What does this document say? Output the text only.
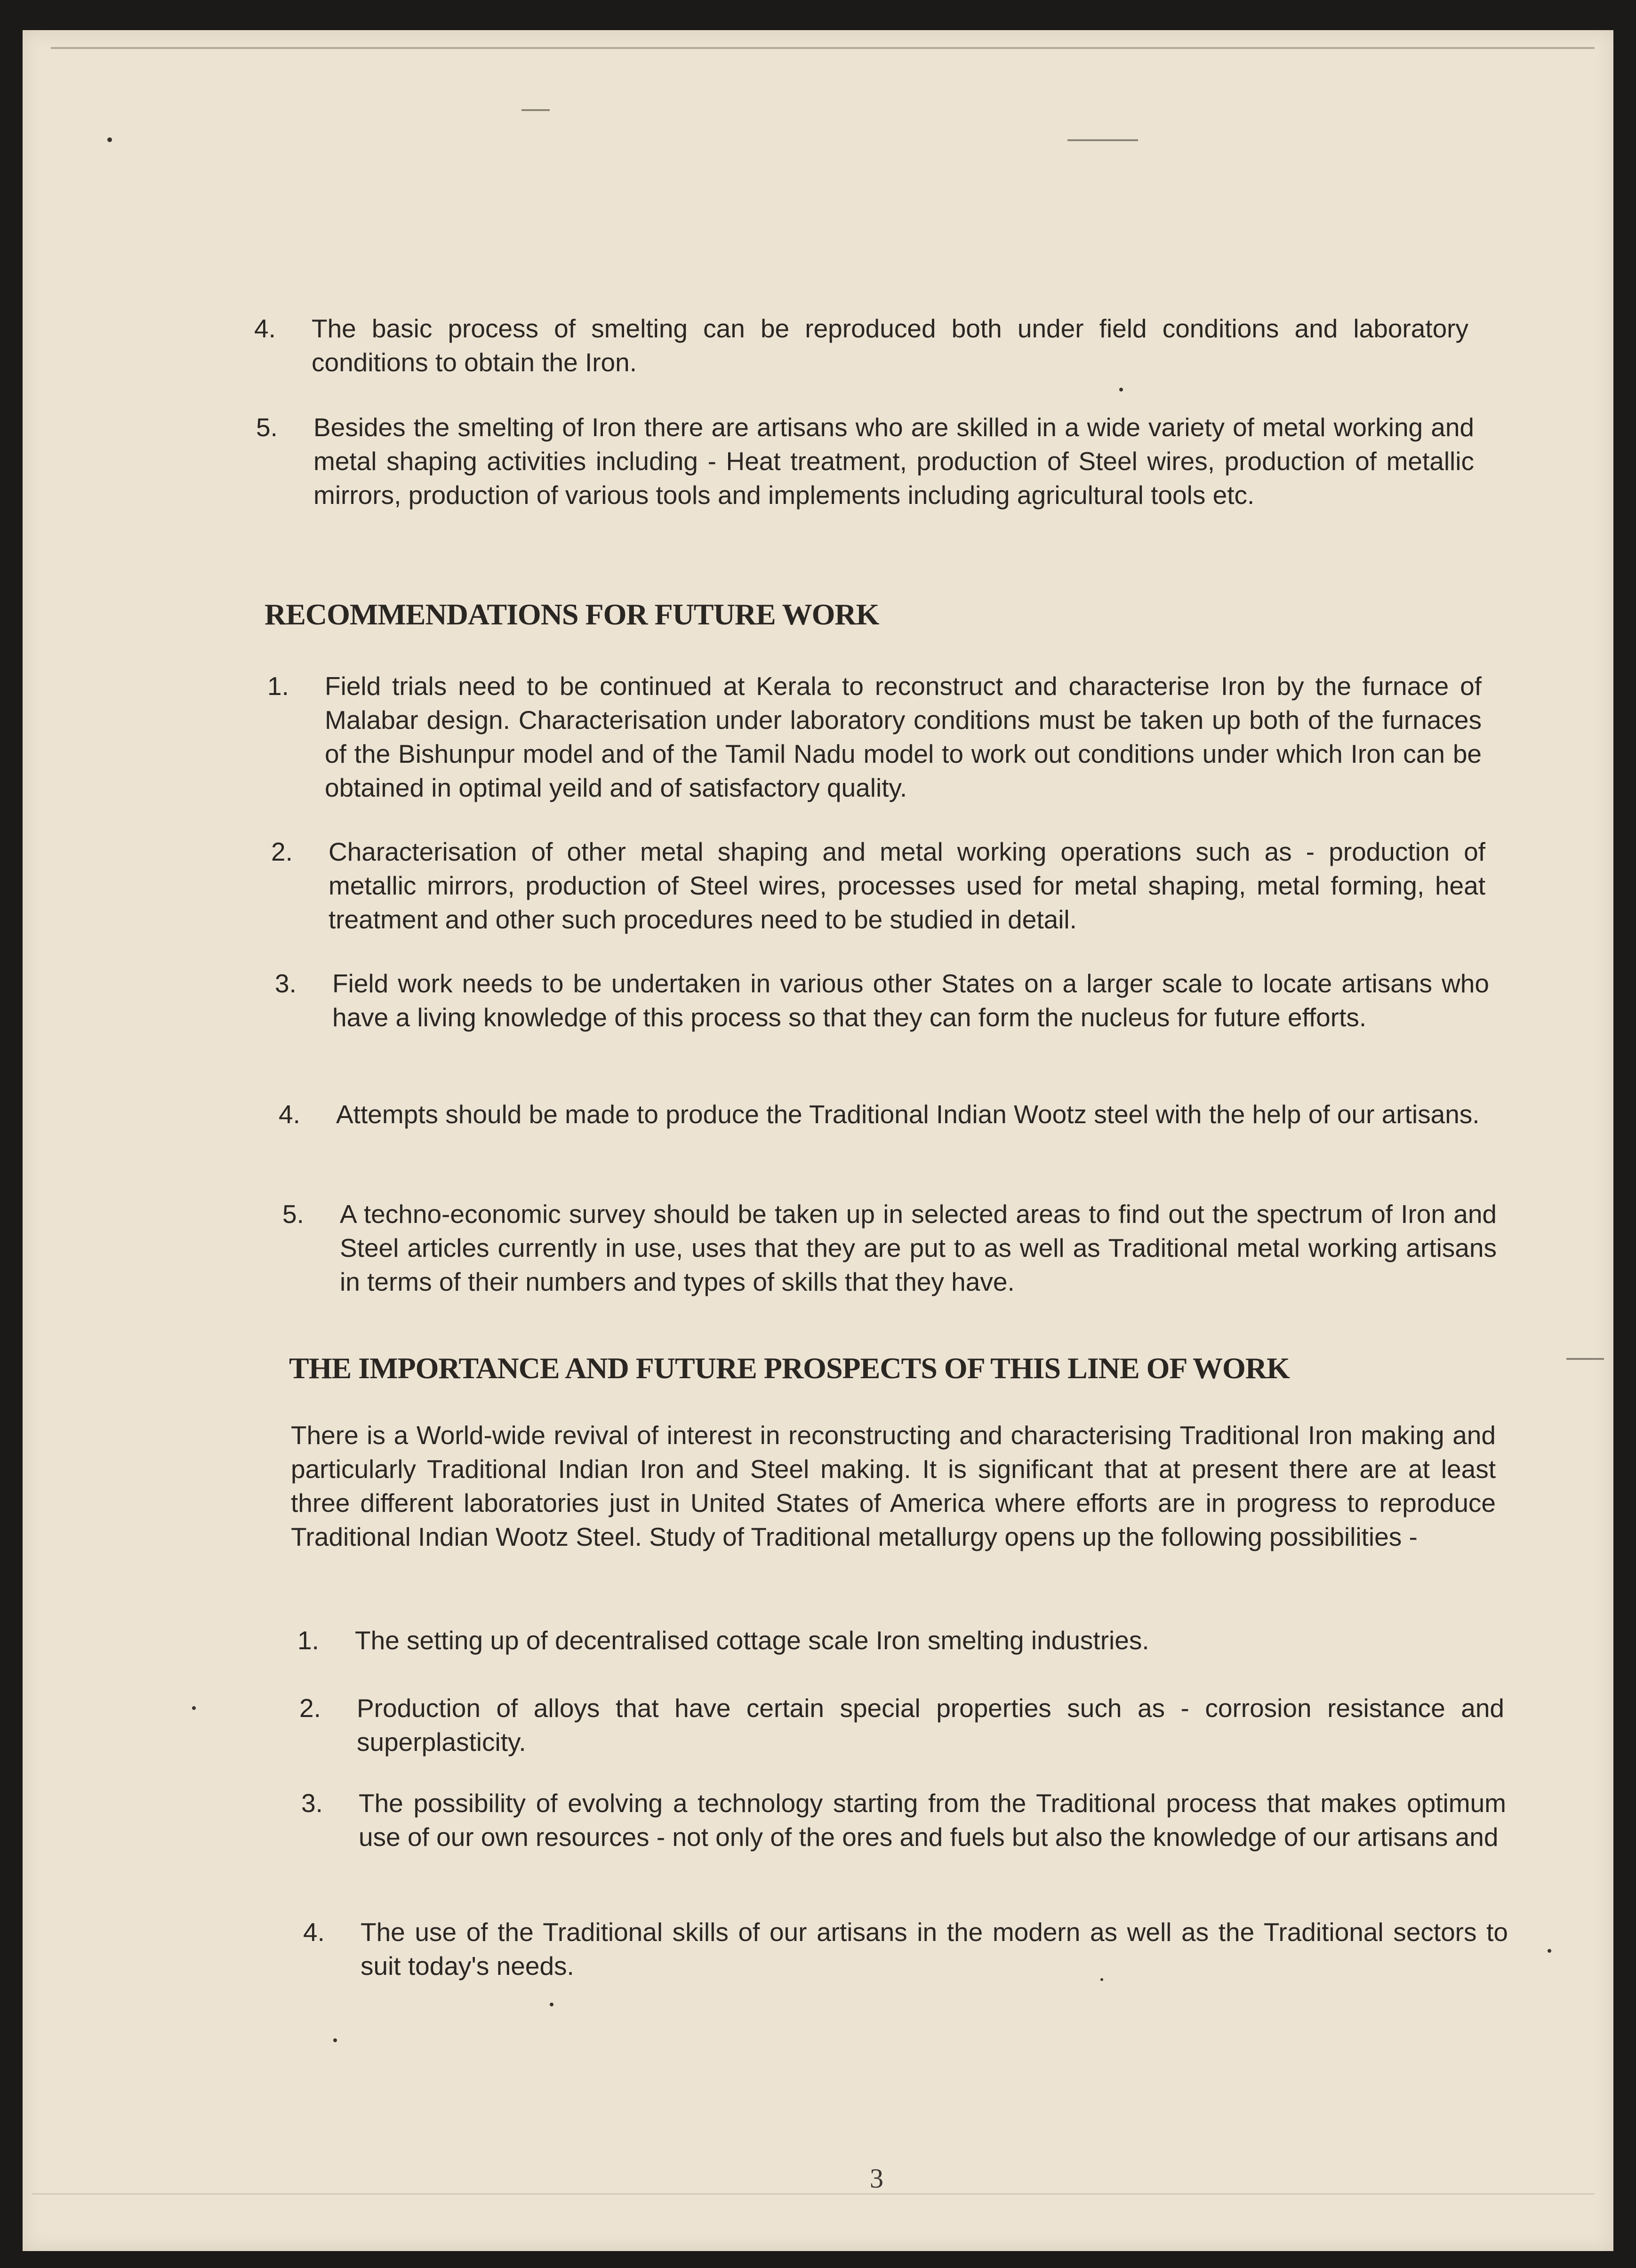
4.	The basic process of smelting can be reproduced both under field conditions and laboratory conditions to obtain the Iron.
5.	Besides the smelting of Iron there are artisans who are skilled in a wide variety of metal working and metal shaping activities including - Heat treatment, production of Steel wires, production of metallic mirrors, production of various tools and implements including agricultural tools etc.
RECOMMENDATIONS FOR FUTURE WORK
1.	Field trials need to be continued at Kerala to reconstruct and characterise Iron by the furnace of Malabar design. Characterisation under laboratory conditions must be taken up both of the furnaces of the Bishunpur model and of the Tamil Nadu model to work out conditions under which Iron can be obtained in optimal yeild and of satisfactory quality.
2.	Characterisation of other metal shaping and metal working operations such as - production of metallic mirrors, production of Steel wires, processes used for metal shaping, metal forming, heat treatment and other such procedures need to be studied in detail.
3.	Field work needs to be undertaken in various other States on a larger scale to locate artisans who have a living knowledge of this process so that they can form the nucleus for future efforts.
4.	Attempts should be made to produce the Traditional Indian Wootz steel with the help of our artisans.
5.	A techno-economic survey should be taken up in selected areas to find out the spectrum of Iron and Steel articles currently in use, uses that they are put to as well as Traditional metal working artisans in terms of their numbers and types of skills that they have.
THE IMPORTANCE AND FUTURE PROSPECTS OF THIS LINE OF WORK
There is a World-wide revival of interest in reconstructing and characterising Traditional Iron making and particularly Traditional Indian Iron and Steel making. It is significant that at present there are at least three different laboratories just in United States of America where efforts are in progress to reproduce Traditional Indian Wootz Steel. Study of Traditional metallurgy opens up the following possibilities -
1.	The setting up of decentralised cottage scale Iron smelting industries.
2.	Production of alloys that have certain special properties such as - corrosion resistance and superplasticity.
3.	The possibility of evolving a technology starting from the Traditional process that makes optimum use of our own resources - not only of the ores and fuels but also the knowledge of our artisans and
4.	The use of the Traditional skills of our artisans in the modern as well as the Traditional sectors to suit today's needs.
3
